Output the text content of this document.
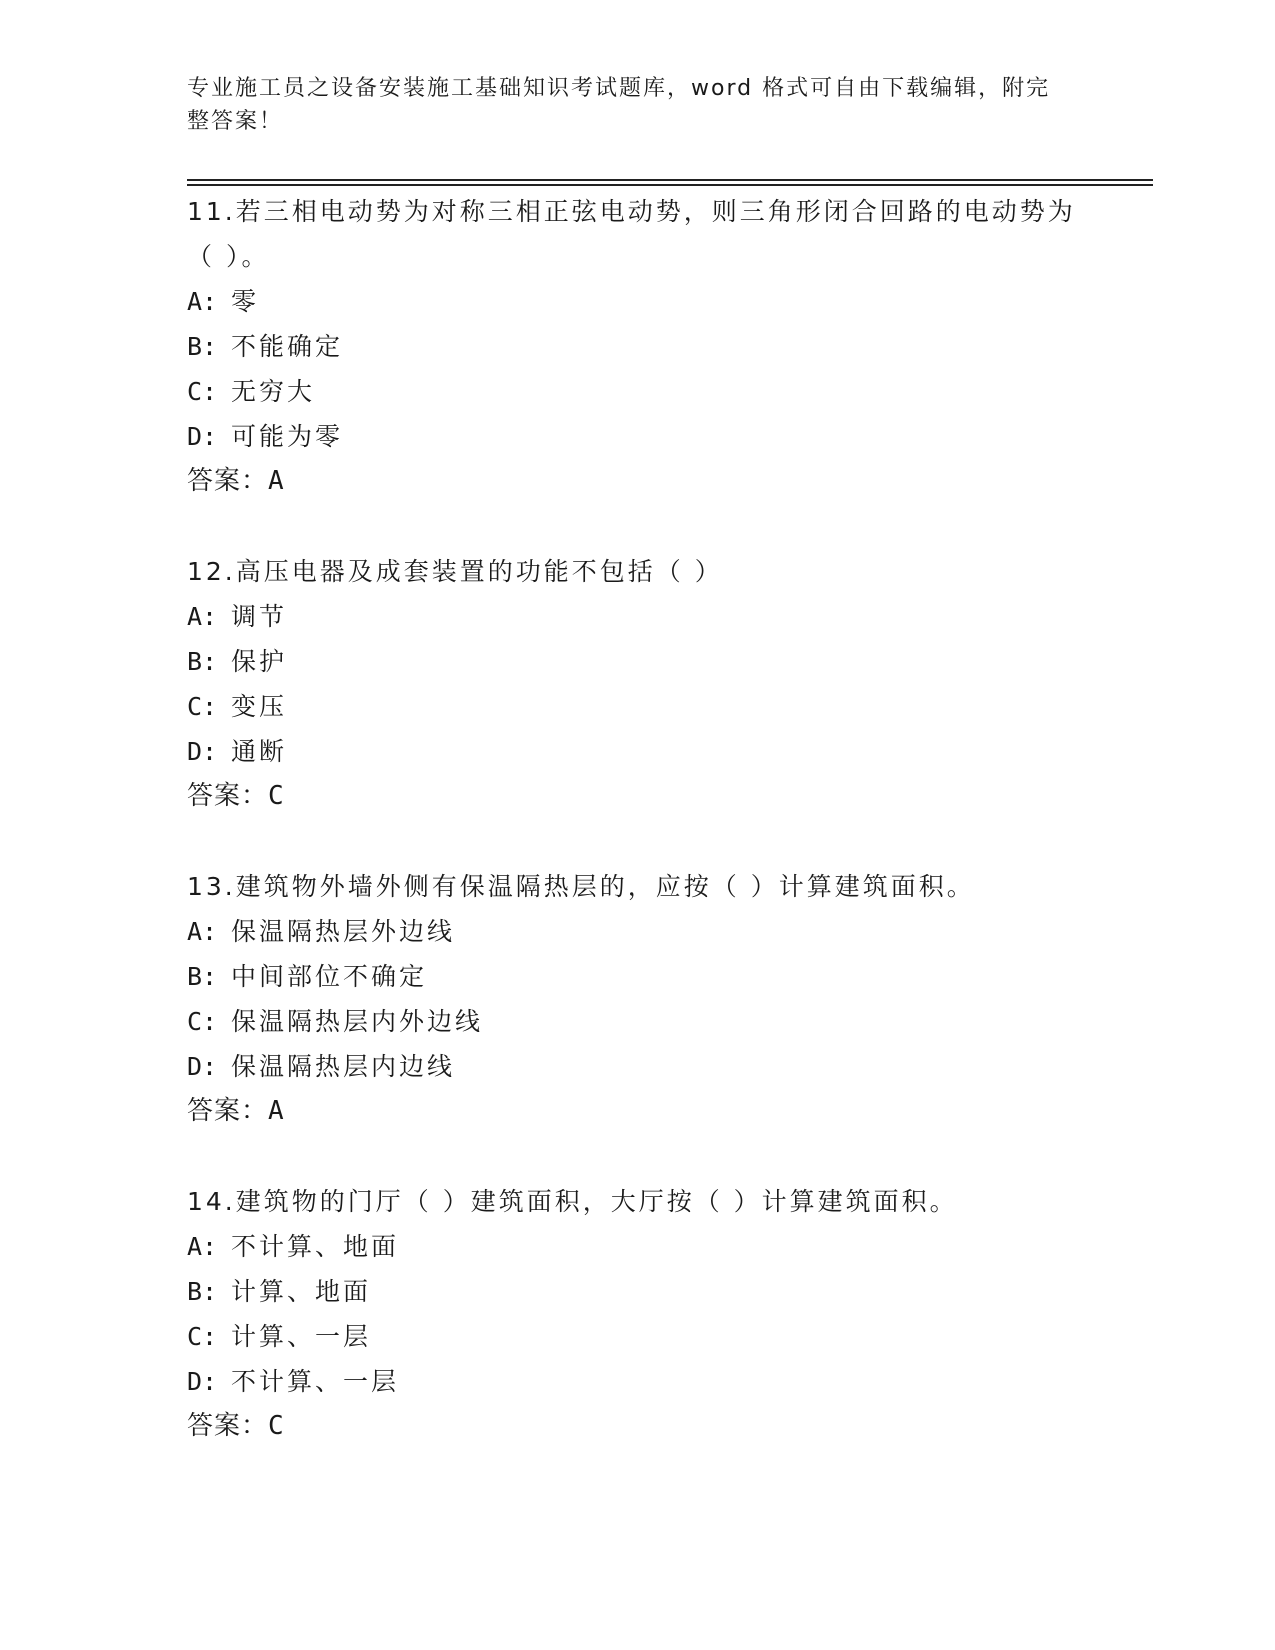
专业施工员之设备安装施工基础知识考试题库，word 格式可自由下载编辑，附完整答案！
11.若三相电动势为对称三相正弦电动势，则三角形闭合回路的电动势为（ ）。
A: 零
B: 不能确定
C: 无穷大
D: 可能为零
答案：A
12.高压电器及成套装置的功能不包括（ ）
A: 调节
B: 保护
C: 变压
D: 通断
答案：C
13.建筑物外墙外侧有保温隔热层的，应按（ ）计算建筑面积。
A: 保温隔热层外边线
B: 中间部位不确定
C: 保温隔热层内外边线
D: 保温隔热层内边线
答案：A
14.建筑物的门厅（ ）建筑面积，大厅按（ ）计算建筑面积。
A: 不计算、地面
B: 计算、地面
C: 计算、一层
D: 不计算、一层
答案：C
